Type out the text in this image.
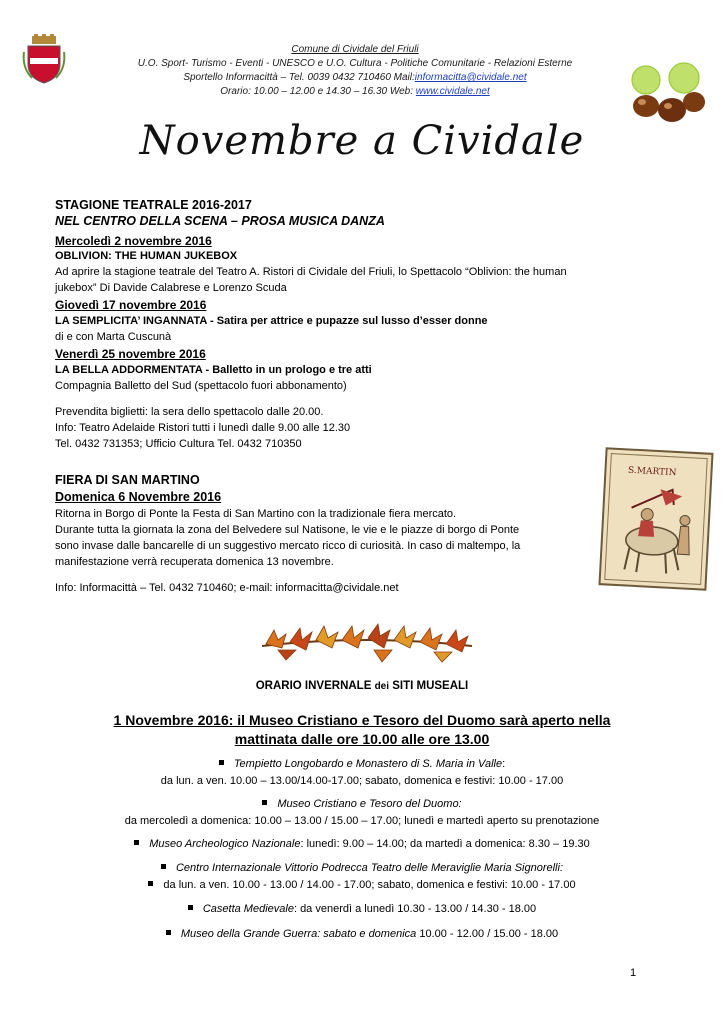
Comune di Cividale del Friuli
U.O. Sport- Turismo - Eventi - UNESCO e U.O. Cultura - Politiche Comunitarie - Relazioni Esterne
Sportello Informacittà – Tel. 0039 0432 710460 Mail:informacitta@cividale.net
Orario: 10.00 – 12.00 e 14.30 – 16.30 Web: www.cividale.net
Novembre a Cividale
STAGIONE TEATRALE 2016-2017
NEL CENTRO DELLA SCENA – PROSA MUSICA DANZA
Mercoledì 2 novembre 2016
OBLIVION: THE HUMAN JUKEBOX
Ad aprire la stagione teatrale del Teatro A. Ristori di Cividale del Friuli, lo Spettacolo “Oblivion: the human
jukebox” Di Davide Calabrese e Lorenzo Scuda
Giovedì 17 novembre 2016
LA SEMPLICITA’ INGANNATA - Satira per attrice e pupazze sul lusso d’esser donne
di e con Marta Cuscunà
Venerdì 25 novembre 2016
LA BELLA ADDORMENTATA - Balletto in un prologo e tre atti
Compagnia Balletto del Sud (spettacolo fuori abbonamento)
Prevendita biglietti: la sera dello spettacolo dalle 20.00.
Info: Teatro Adelaide Ristori tutti i lunedì dalle 9.00 alle 12.30
Tel. 0432 731353; Ufficio Cultura Tel. 0432 710350
FIERA DI SAN MARTINO
Domenica 6 Novembre 2016
Ritorna in Borgo di Ponte la Festa di San Martino con la tradizionale fiera mercato.
Durante tutta la giornata la zona del Belvedere sul Natisone, le vie e le piazze di borgo di Ponte
sono invase dalle bancarelle di un suggestivo mercato ricco di curiosità. In caso di maltempo, la
manifestazione verrà recuperata domenica 13 novembre.
Info: Informacittà – Tel. 0432 710460; e-mail: informacitta@cividale.net
S.MARTIN
ORARIO INVERNALE dei SITI MUSEALI
1 Novembre 2016: il Museo Cristiano e Tesoro del Duomo sarà aperto nella
mattinata dalle ore 10.00 alle ore 13.00
Tempietto Longobardo e Monastero di S. Maria in Valle:
da lun. a ven. 10.00 – 13.00/14.00-17.00; sabato, domenica e festivi: 10.00 - 17.00
Museo Cristiano e Tesoro del Duomo:
da mercoledì a domenica: 10.00 – 13.00 / 15.00 – 17.00; lunedì e martedì aperto su prenotazione
Museo Archeologico Nazionale: lunedì: 9.00 – 14.00; da martedì a domenica: 8.30 – 19.30
Centro Internazionale Vittorio Podrecca Teatro delle Meraviglie Maria Signorelli:
da lun. a ven. 10.00 - 13.00 / 14.00 - 17.00; sabato, domenica e festivi: 10.00 - 17.00
Casetta Medievale: da venerdì a lunedì 10.30 - 13.00 / 14.30 - 18.00
Museo della Grande Guerra: sabato e domenica 10.00 - 12.00 / 15.00 - 18.00
1
